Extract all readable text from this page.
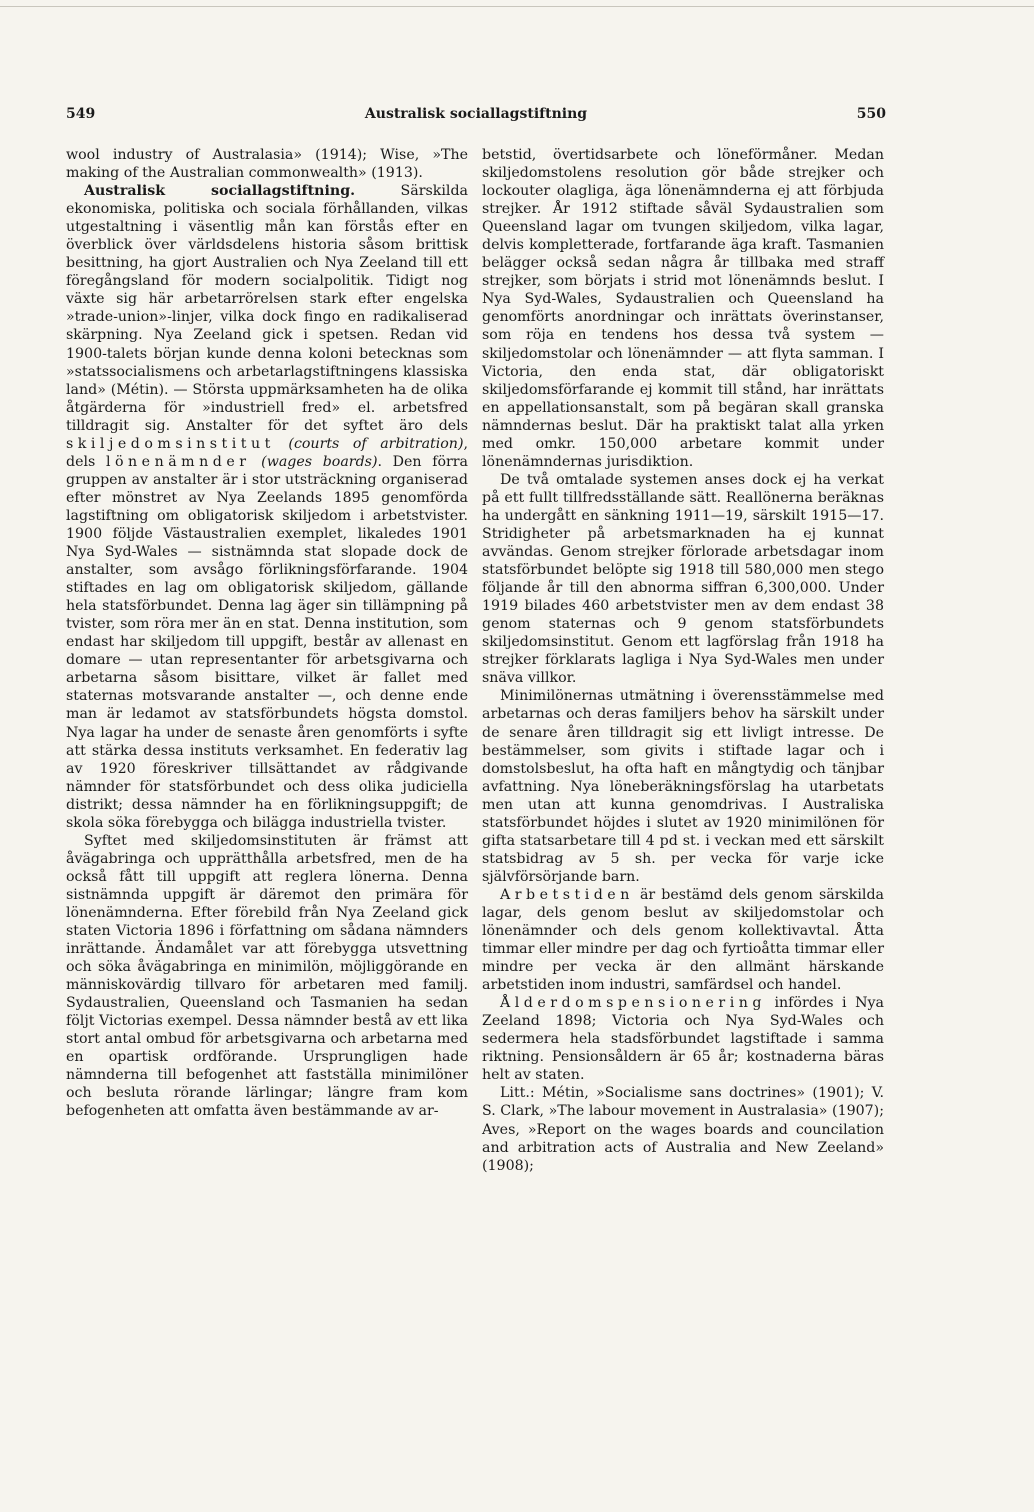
549	Australisk sociallagstiftning	550

wool industry of Australasia» (1914); Wise, »The making of the Australian commonwealth» (1913).

Australisk sociallagstiftning. Särskilda ekonomiska, politiska och sociala förhållanden, vilkas utgestaltning i väsentlig mån kan förstås efter en överblick över världsdelens historia såsom brittisk besittning, ha gjort Australien och Nya Zeeland till ett föregångsland för modern socialpolitik. Tidigt nog växte sig här arbetarrörelsen stark efter engelska »trade-union»-linjer, vilka dock fingo en radikaliserad skärpning. Nya Zeeland gick i spetsen. Redan vid 1900-talets början kunde denna koloni betecknas som »statssocialismens och arbetarlagstiftningens klassiska land» (Métin). — Största uppmärksamheten ha de olika åtgärderna för »industriell fred» el. arbetsfred tilldragit sig. Anstalter för det syftet äro dels skiljedomsinstitut (courts of arbitration), dels lönenämnder (wages boards). Den förra gruppen av anstalter är i stor utsträckning organiserad efter mönstret av Nya Zeelands 1895 genomförda lagstiftning om obligatorisk skiljedom i arbetstvister. 1900 följde Västaustralien exemplet, likaledes 1901 Nya Syd-Wales — sistnämnda stat slopade dock de anstalter, som avsågo förlikningsförfarande. 1904 stiftades en lag om obligatorisk skiljedom, gällande hela statsförbundet. Denna lag äger sin tillämpning på tvister, som röra mer än en stat. Denna institution, som endast har skiljedom till uppgift, består av allenast en domare — utan representanter för arbetsgivarna och arbetarna såsom bisittare, vilket är fallet med staternas motsvarande anstalter —, och denne ende man är ledamot av statsförbundets högsta domstol. Nya lagar ha under de senaste åren genomförts i syfte att stärka dessa instituts verksamhet. En federativ lag av 1920 föreskriver tillsättandet av rådgivande nämnder för statsförbundet och dess olika judiciella distrikt; dessa nämnder ha en förlikningsuppgift; de skola söka förebygga och bilägga industriella tvister.

Syftet med skiljedomsinstituten är främst att åvägabringa och upprätthålla arbetsfred, men de ha också fått till uppgift att reglera lönerna. Denna sistnämnda uppgift är däremot den primära för lönenämnderna. Efter förebild från Nya Zeeland gick staten Victoria 1896 i författning om sådana nämnders inrättande. Ändamålet var att förebygga utsvettning och söka åvägabringa en minimilön, möjliggörande en människovärdig tillvaro för arbetaren med familj. Sydaustralien, Queensland och Tasmanien ha sedan följt Victorias exempel. Dessa nämnder bestå av ett lika stort antal ombud för arbetsgivarna och arbetarna med en opartisk ordförande. Ursprungligen hade nämnderna till befogenhet att fastställa minimilöner och besluta rörande lärlingar; längre fram kom befogenheten att omfatta även bestämmande av ar-

betstid, övertidsarbete och löneförmåner. Medan skiljedomstolens resolution gör både strejker och lockouter olagliga, äga lönenämnderna ej att förbjuda strejker. År 1912 stiftade såväl Sydaustralien som Queensland lagar om tvungen skiljedom, vilka lagar, delvis kompletterade, fortfarande äga kraft. Tasmanien belägger också sedan några år tillbaka med straff strejker, som börjats i strid mot lönenämnds beslut. I Nya Syd-Wales, Sydaustralien och Queensland ha genomförts anordningar och inrättats överinstanser, som röja en tendens hos dessa två system — skiljedomstolar och lönenämnder — att flyta samman. I Victoria, den enda stat, där obligatoriskt skiljedomsförfarande ej kommit till stånd, har inrättats en appellationsanstalt, som på begäran skall granska nämndernas beslut. Där ha praktiskt talat alla yrken med omkr. 150,000 arbetare kommit under lönenämndernas jurisdiktion.

De två omtalade systemen anses dock ej ha verkat på ett fullt tillfredsställande sätt. Reallönerna beräknas ha undergått en sänkning 1911—19, särskilt 1915—17. Stridigheter på arbetsmarknaden ha ej kunnat avvändas. Genom strejker förlorade arbetsdagar inom statsförbundet belöpte sig 1918 till 580,000 men stego följande år till den abnorma siffran 6,300,000. Under 1919 bilades 460 arbetstvister men av dem endast 38 genom staternas och 9 genom statsförbundets skiljedomsinstitut. Genom ett lagförslag från 1918 ha strejker förklarats lagliga i Nya Syd-Wales men under snäva villkor.

Minimilönernas utmätning i överensstämmelse med arbetarnas och deras familjers behov ha särskilt under de senare åren tilldragit sig ett livligt intresse. De bestämmelser, som givits i stiftade lagar och i domstolsbeslut, ha ofta haft en mångtydig och tänjbar avfattning. Nya löneberäkningsförslag ha utarbetats men utan att kunna genomdrivas. I Australiska statsförbundet höjdes i slutet av 1920 minimilönen för gifta statsarbetare till 4 pd st. i veckan med ett särskilt statsbidrag av 5 sh. per vecka för varje icke självförsörjande barn.

Arbetstiden är bestämd dels genom särskilda lagar, dels genom beslut av skiljedomstolar och lönenämnder och dels genom kollektivavtal. Åtta timmar eller mindre per dag och fyrtioåtta timmar eller mindre per vecka är den allmänt härskande arbetstiden inom industri, samfärdsel och handel.

Ålderdomspensionering infördes i Nya Zeeland 1898; Victoria och Nya Syd-Wales och sedermera hela stadsförbundet lagstiftade i samma riktning. Pensionsåldern är 65 år; kostnaderna bäras helt av staten.

Litt.: Métin, »Socialisme sans doctrines» (1901); V. S. Clark, »The labour movement in Australasia» (1907); Aves, »Report on the wages boards and councilation and arbitration acts of Australia and New Zeeland» (1908);
